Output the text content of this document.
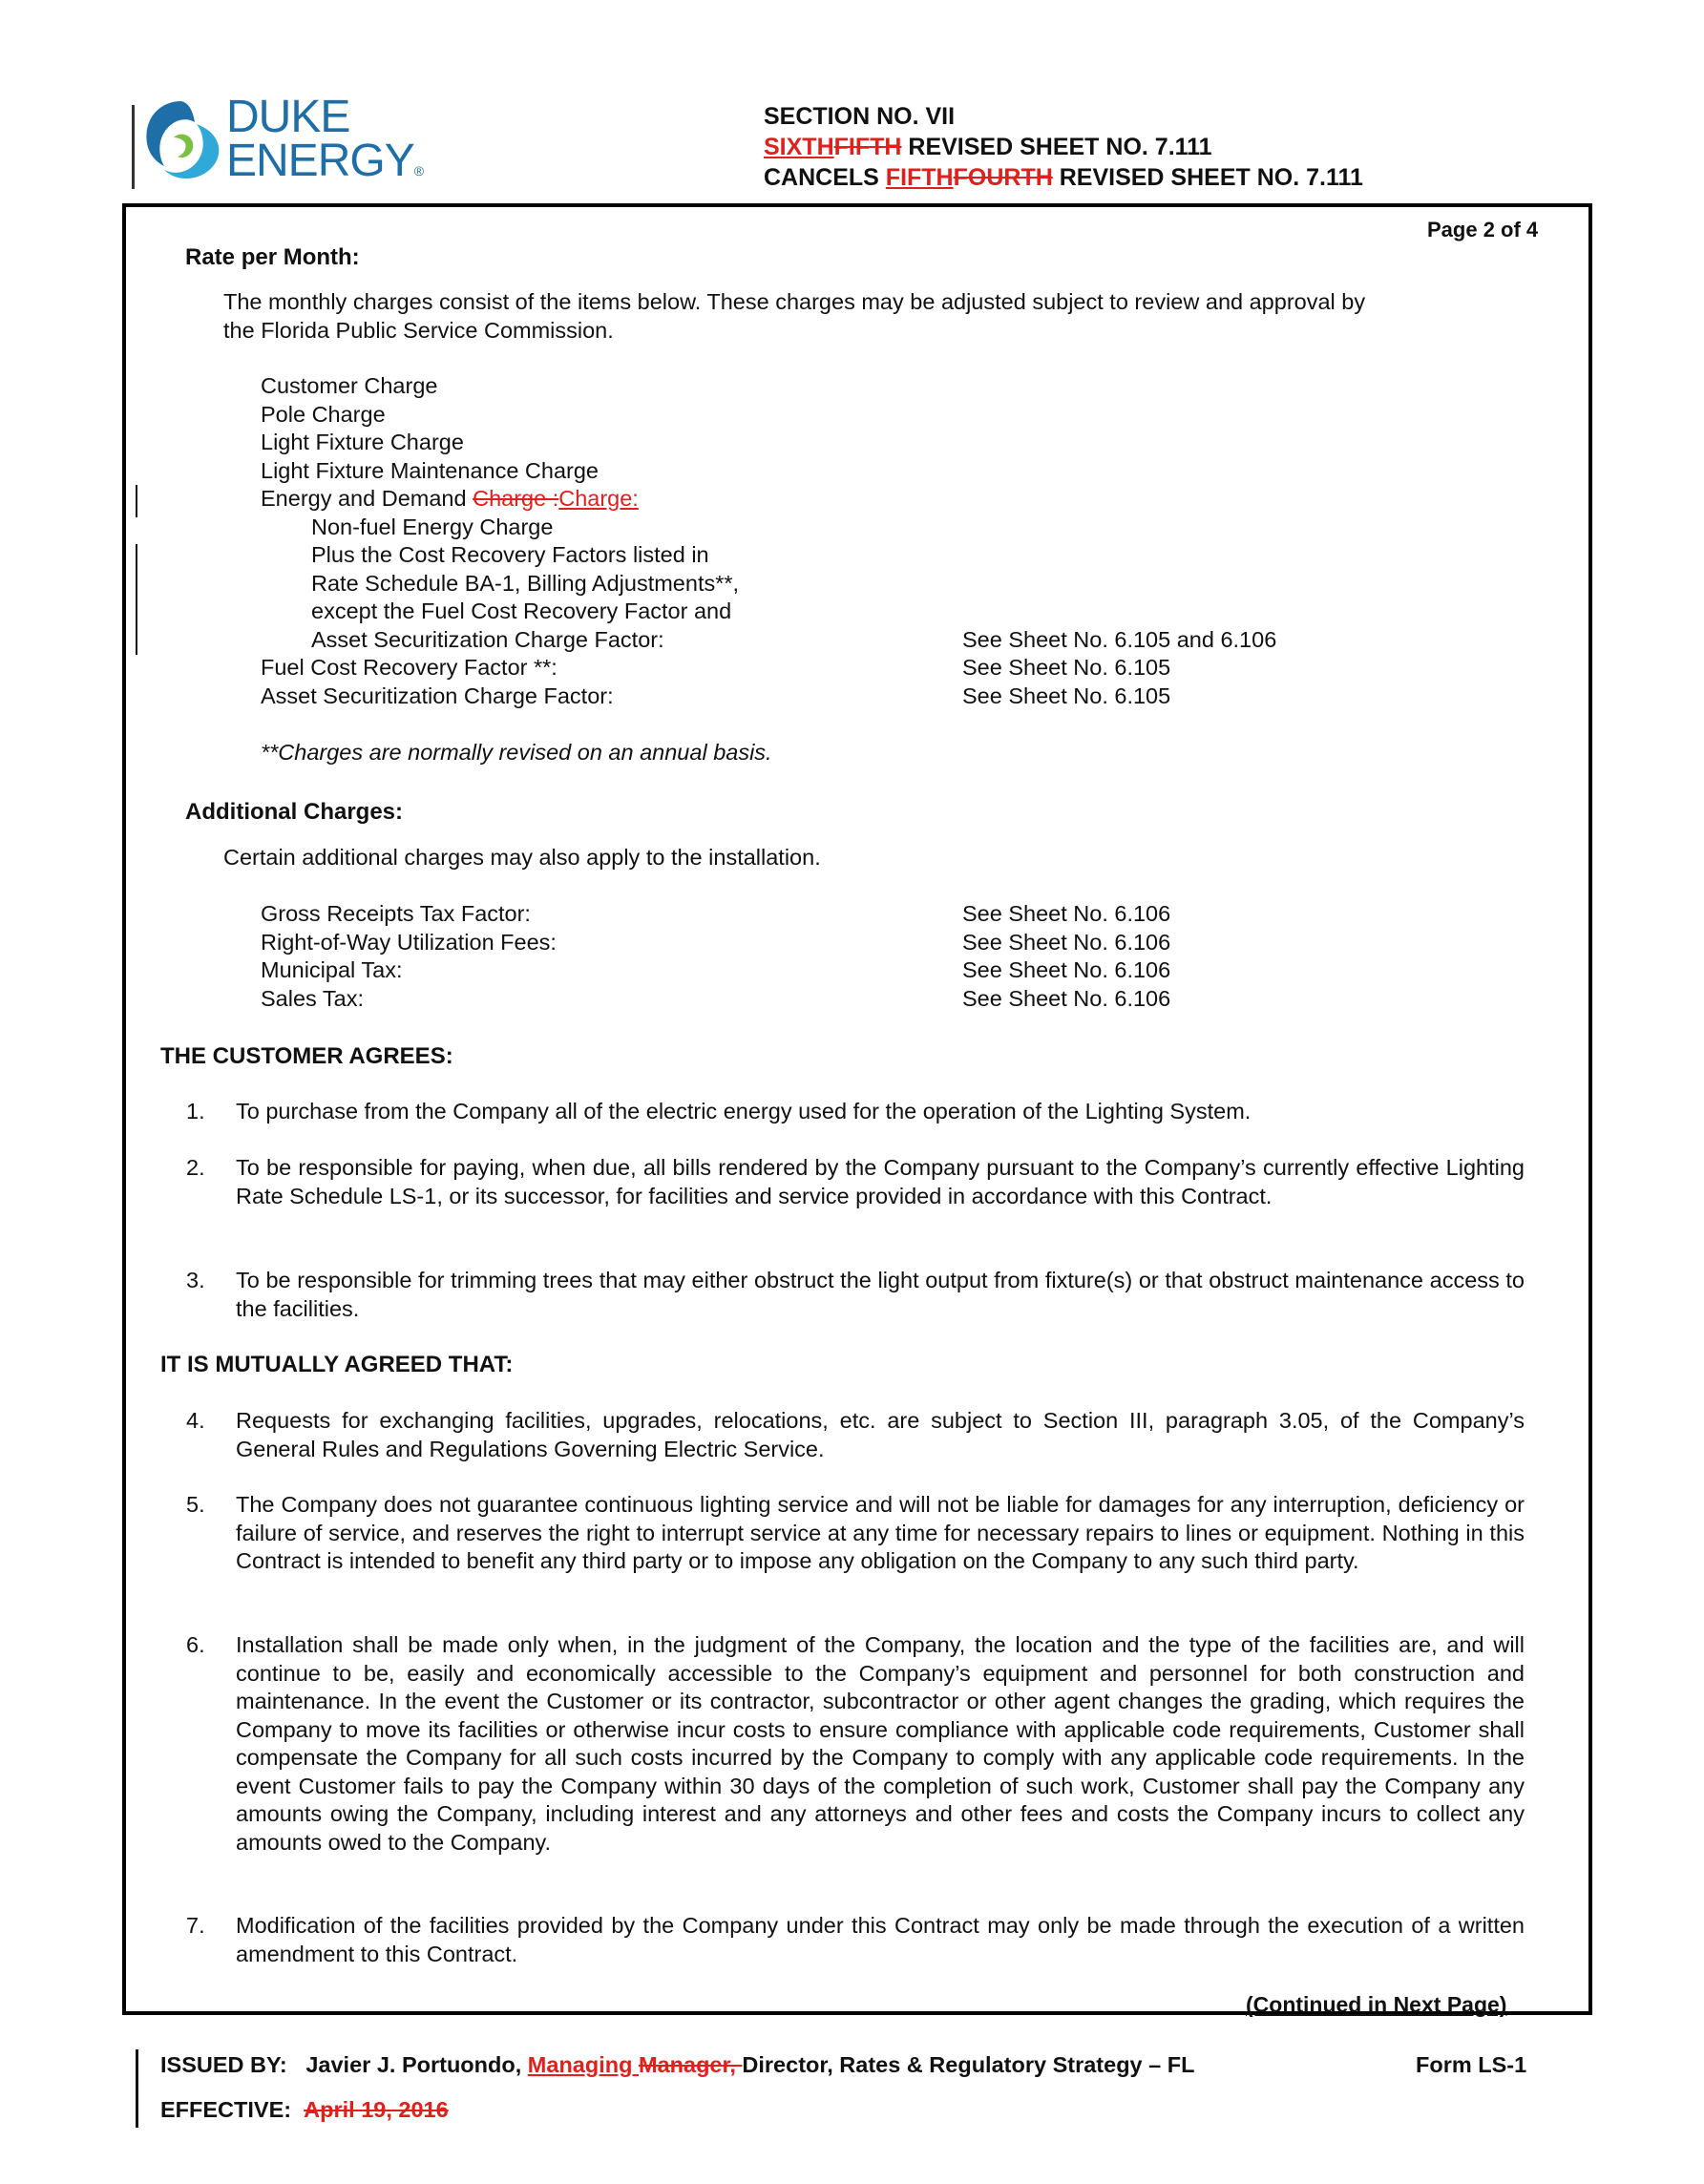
DUKE
ENERGY®
SECTION NO. VII
SIXTHFIFTH REVISED SHEET NO. 7.111
CANCELS FIFTHFOURTH REVISED SHEET NO. 7.111
Page 2 of 4
Rate per Month:
The monthly charges consist of the items below. These charges may be adjusted subject to review and approval by
the Florida Public Service Commission.
Customer Charge
Pole Charge
Light Fixture Charge
Light Fixture Maintenance Charge
Energy and Demand Charge :Charge:
Non-fuel Energy Charge
Plus the Cost Recovery Factors listed in
Rate Schedule BA-1, Billing Adjustments**,
except the Fuel Cost Recovery Factor and
Asset Securitization Charge Factor:	See Sheet No. 6.105 and 6.106
Fuel Cost Recovery Factor **:	See Sheet No. 6.105
Asset Securitization Charge Factor:	See Sheet No. 6.105
**Charges are normally revised on an annual basis.
Additional Charges:
Certain additional charges may also apply to the installation.
Gross Receipts Tax Factor:	See Sheet No. 6.106
Right-of-Way Utilization Fees:	See Sheet No. 6.106
Municipal Tax:	See Sheet No. 6.106
Sales Tax:	See Sheet No. 6.106
THE CUSTOMER AGREES:
1.	To purchase from the Company all of the electric energy used for the operation of the Lighting System.
2.	To be responsible for paying, when due, all bills rendered by the Company pursuant to the Company’s currently effective Lighting Rate Schedule LS-1, or its successor, for facilities and service provided in accordance with this Contract.
3.	To be responsible for trimming trees that may either obstruct the light output from fixture(s) or that obstruct maintenance access to the facilities.
IT IS MUTUALLY AGREED THAT:
4.	Requests for exchanging facilities, upgrades, relocations, etc. are subject to Section III, paragraph 3.05, of the Company’s General Rules and Regulations Governing Electric Service.
5.	The Company does not guarantee continuous lighting service and will not be liable for damages for any interruption, deficiency or failure of service, and reserves the right to interrupt service at any time for necessary repairs to lines or equipment. Nothing in this Contract is intended to benefit any third party or to impose any obligation on the Company to any such third party.
6.	Installation shall be made only when, in the judgment of the Company, the location and the type of the facilities are, and will continue to be, easily and economically accessible to the Company’s equipment and personnel for both construction and maintenance. In the event the Customer or its contractor, subcontractor or other agent changes the grading, which requires the Company to move its facilities or otherwise incur costs to ensure compliance with applicable code requirements, Customer shall compensate the Company for all such costs incurred by the Company to comply with any applicable code requirements. In the event Customer fails to pay the Company within 30 days of the completion of such work, Customer shall pay the Company any amounts owing the Company, including interest and any attorneys and other fees and costs the Company incurs to collect any amounts owed to the Company.
7.	Modification of the facilities provided by the Company under this Contract may only be made through the execution of a written amendment to this Contract.
(Continued in Next Page)
ISSUED BY: Javier J. Portuondo, Managing Manager, Director, Rates & Regulatory Strategy – FL	Form LS-1
EFFECTIVE: April 19, 2016
